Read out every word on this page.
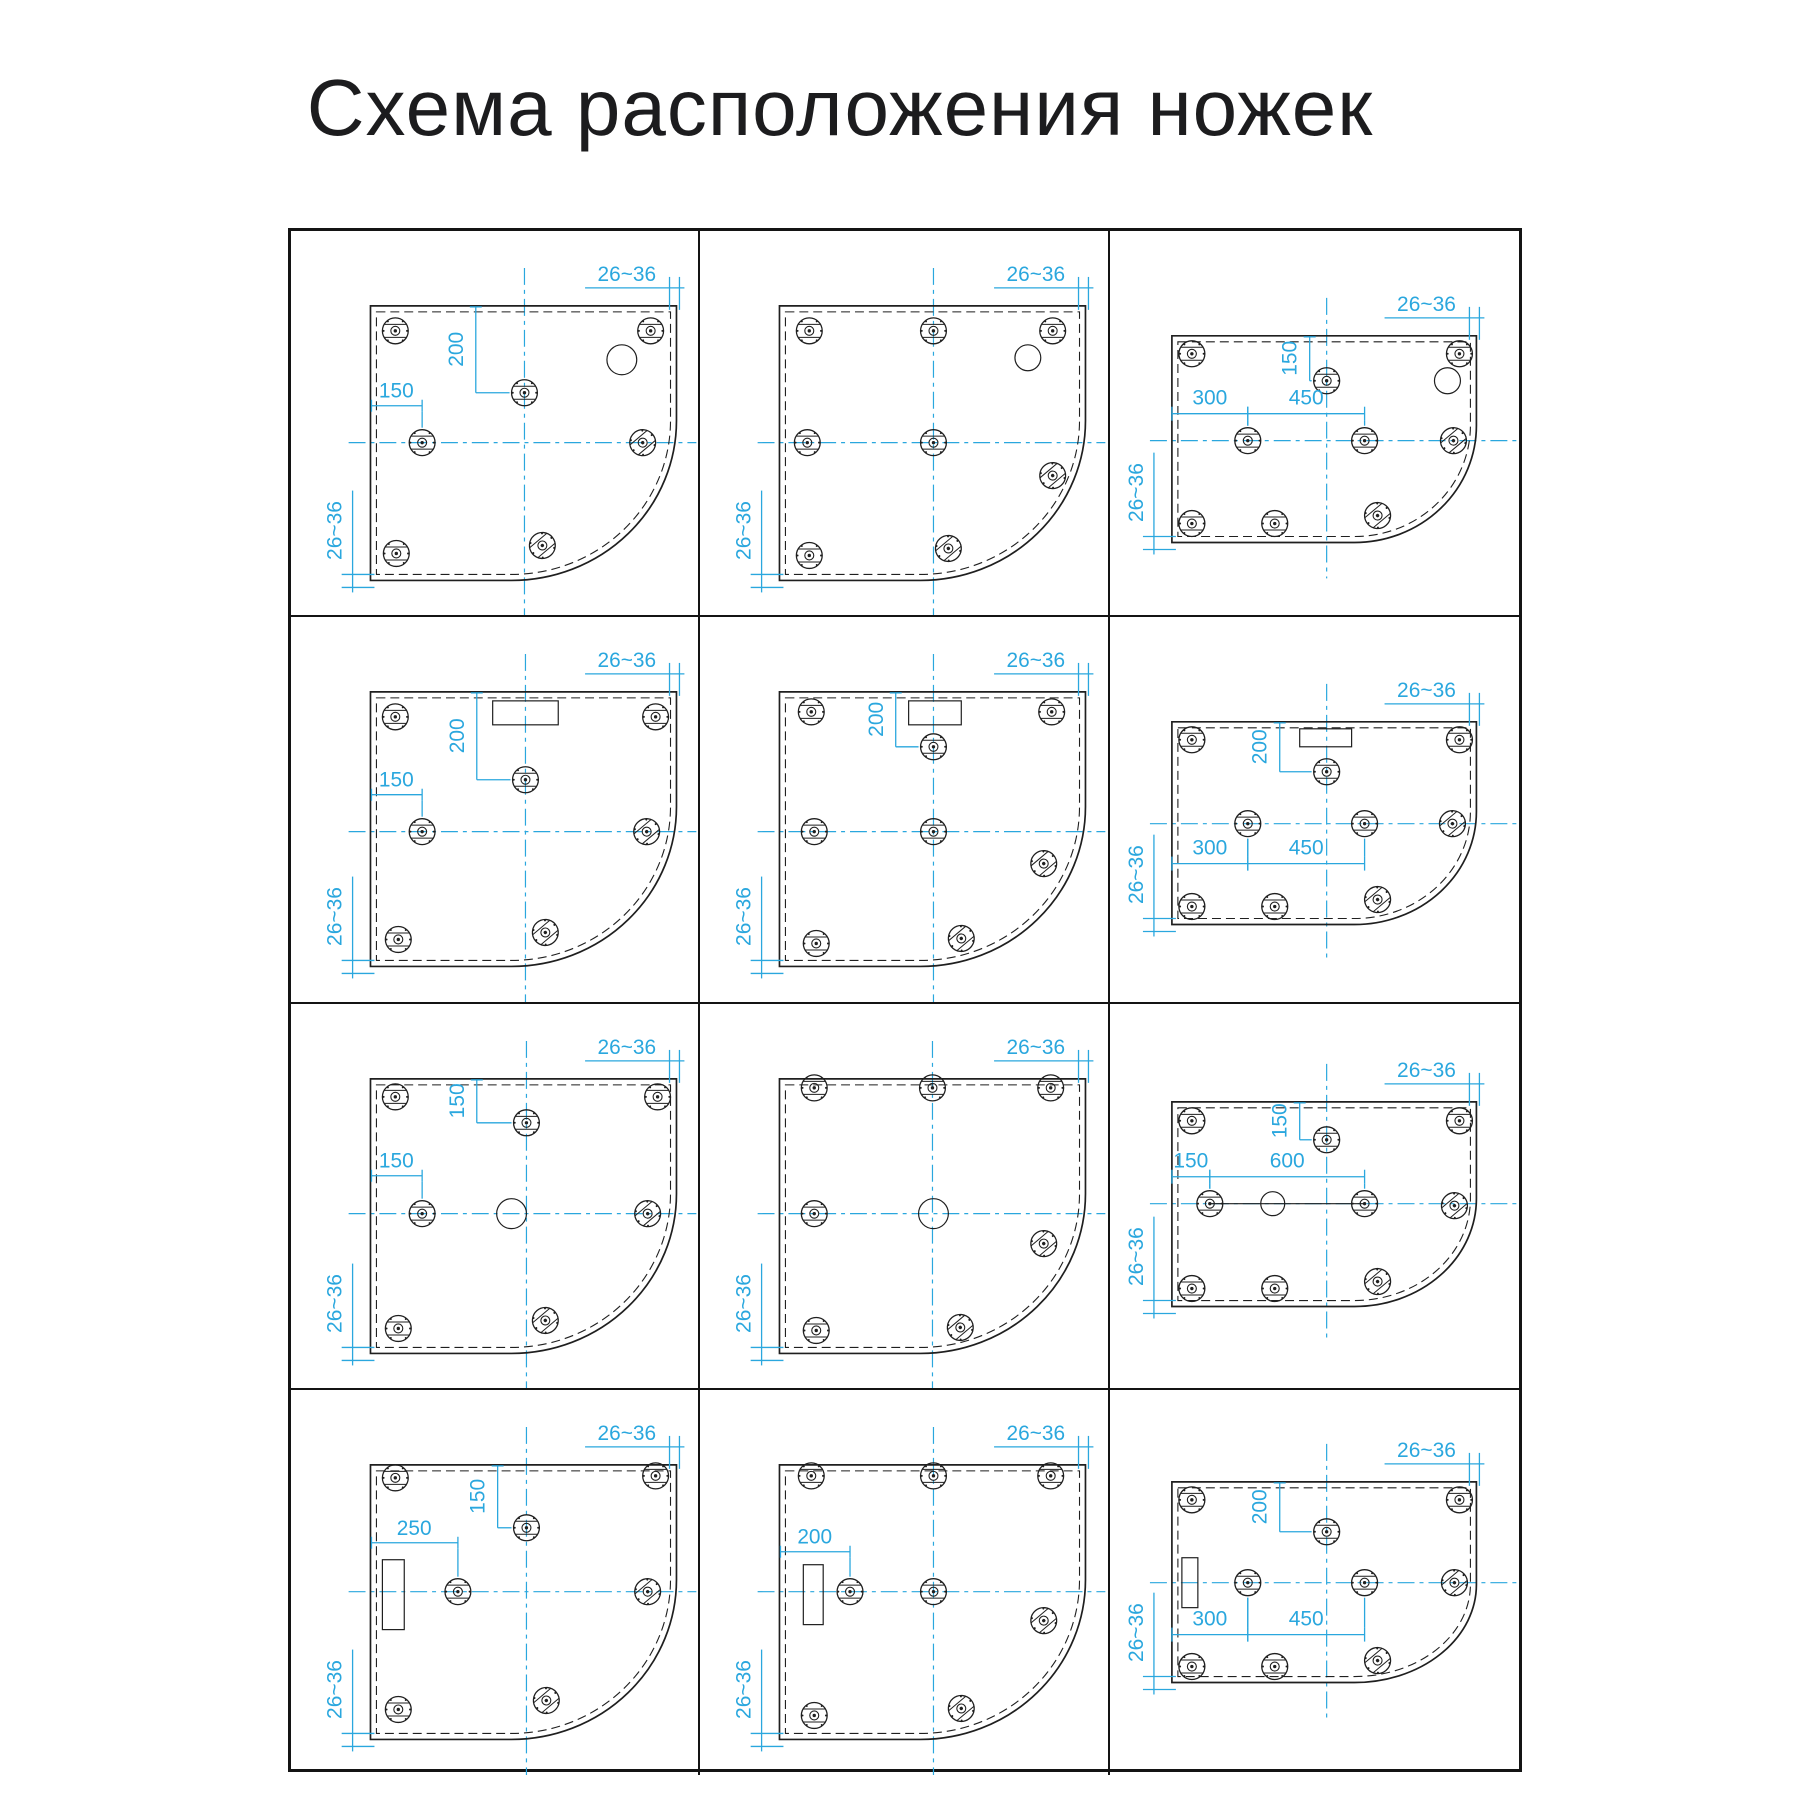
Схема расположения ножек
26~36
200
150
26~36
26~36
26~36
26~36
150
300	450
26~36
26~36
200
150
26~36
26~36
200
26~36
26~36
200
300	450
26~36
26~36
150
150
26~36
26~36
26~36
26~36
150
150	600
26~36
26~36
150
250
26~36
26~36
200
26~36
26~36
200
300	450
26~36
